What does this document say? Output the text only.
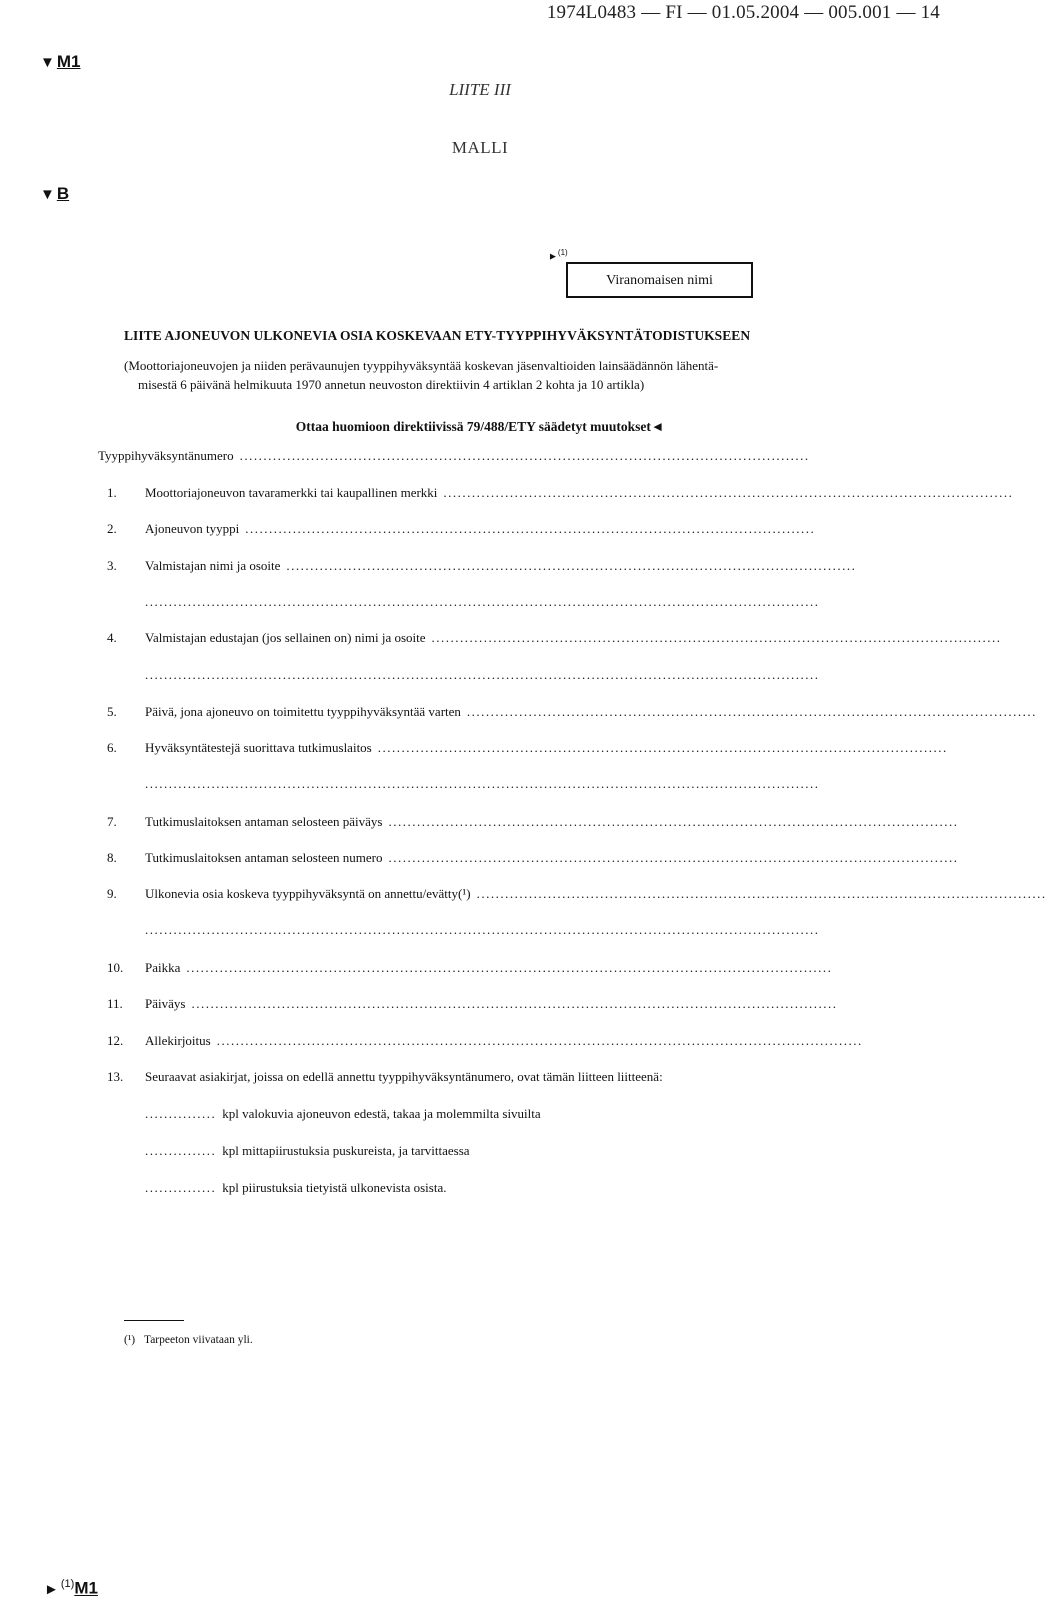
1974L0483 — FI — 01.05.2004 — 005.001 — 14
▼ M1
LIITE III
MALLI
▼ B
►$^{(1)}$
Viranomaisen nimi
LIITE AJONEUVON ULKONEVIA OSIA KOSKEVAAN ETY-TYYPPIHYVÄKSYNTÄTODISTUKSEEN
(Moottoriajoneuvojen ja niiden perävaunujen tyyppihyväksyntää koskevan jäsenvaltioiden lainsäädännön lähentä-
misestä 6 päivänä helmikuuta 1970 annetun neuvoston direktiivin 4 artiklan 2 kohta ja 10 artikla)
Ottaa huomioon direktiivissä 79/488/ETY säädetyt muutokset◄
Tyyppihyväksyntänumero ........................................................................................................................
1.	Moottoriajoneuvon tavaramerkki tai kaupallinen merkki ........................................................................................................................
2.	Ajoneuvon tyyppi ........................................................................................................................
3.	Valmistajan nimi ja osoite ........................................................................................................................
..............................................................................................................................................
4.	Valmistajan edustajan (jos sellainen on) nimi ja osoite ........................................................................................................................
..............................................................................................................................................
5.	Päivä, jona ajoneuvo on toimitettu tyyppihyväksyntää varten ........................................................................................................................
6.	Hyväksyntätestejä suorittava tutkimuslaitos ........................................................................................................................
..............................................................................................................................................
7.	Tutkimuslaitoksen antaman selosteen päiväys ........................................................................................................................
8.	Tutkimuslaitoksen antaman selosteen numero ........................................................................................................................
9.	Ulkonevia osia koskeva tyyppihyväksyntä on annettu/evätty(¹) ........................................................................................................................
..............................................................................................................................................
10.	Paikka ........................................................................................................................................
11.	Päiväys ........................................................................................................................................
12.	Allekirjoitus ........................................................................................................................................
13.	Seuraavat asiakirjat, joissa on edellä annettu tyyppihyväksyntänumero, ovat tämän liitteen liitteenä:
............... kpl valokuvia ajoneuvon edestä, takaa ja molemmilta sivuilta
............... kpl mittapiirustuksia puskureista, ja tarvittaessa
............... kpl piirustuksia tietyistä ulkonevista osista.
(¹) Tarpeeton viivataan yli.
► $^{(1)}$M1
